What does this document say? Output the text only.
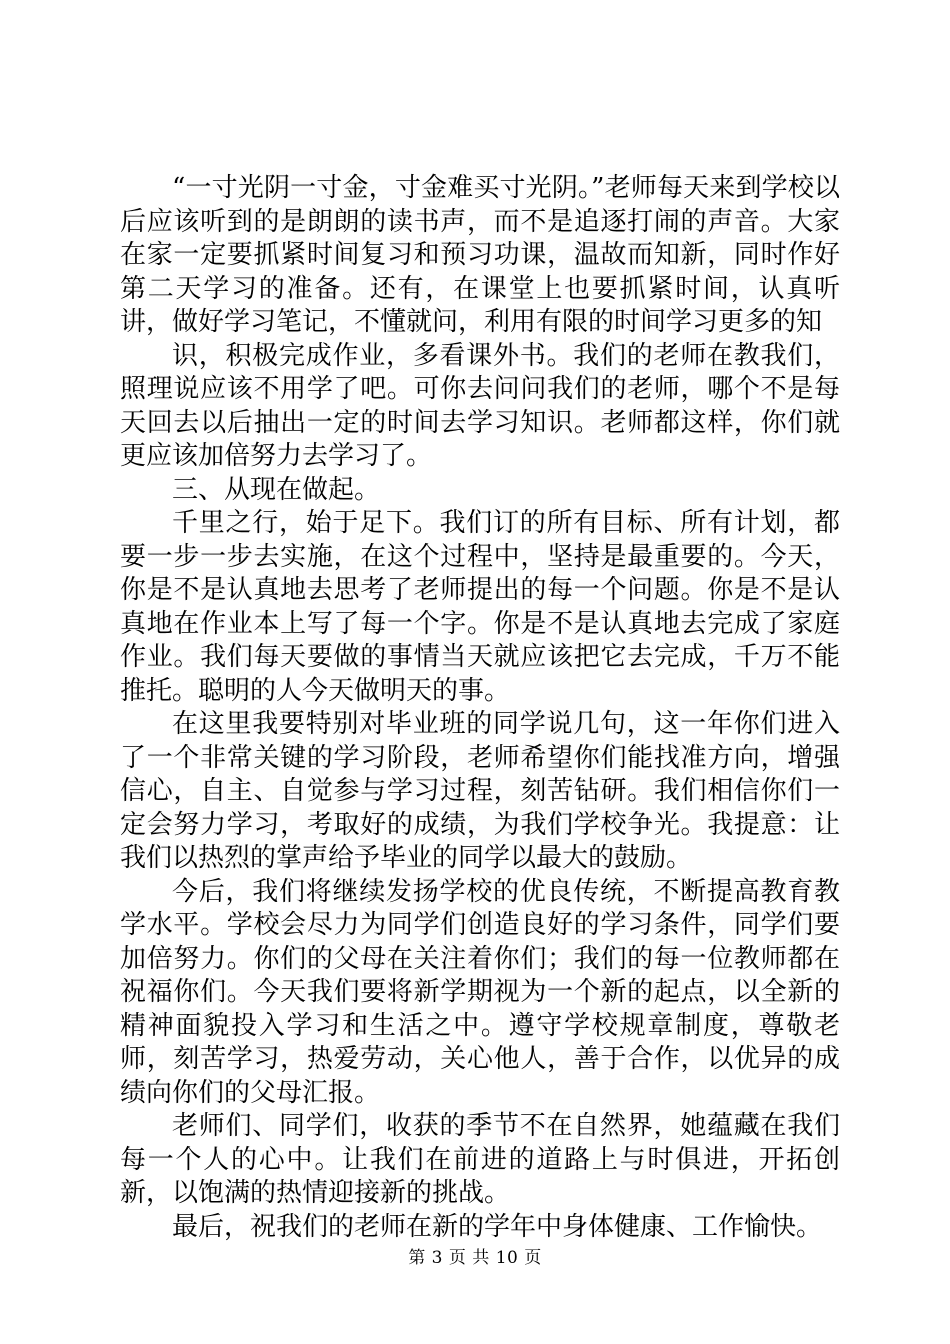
“一寸光阴一寸金，寸金难买寸光阴。”老师每天来到学校以后应该听到的是朗朗的读书声，而不是追逐打闹的声音。大家在家一定要抓紧时间复习和预习功课，温故而知新，同时作好第二天学习的准备。还有，在课堂上也要抓紧时间，认真听讲，做好学习笔记，不懂就问，利用有限的时间学习更多的知

识，积极完成作业，多看课外书。我们的老师在教我们，照理说应该不用学了吧。可你去问问我们的老师，哪个不是每天回去以后抽出一定的时间去学习知识。老师都这样，你们就更应该加倍努力去学习了。

三、从现在做起。

千里之行，始于足下。我们订的所有目标、所有计划，都要一步一步去实施，在这个过程中，坚持是最重要的。今天，你是不是认真地去思考了老师提出的每一个问题。你是不是认真地在作业本上写了每一个字。你是不是认真地去完成了家庭作业。我们每天要做的事情当天就应该把它去完成，千万不能推托。聪明的人今天做明天的事。

在这里我要特别对毕业班的同学说几句，这一年你们进入了一个非常关键的学习阶段，老师希望你们能找准方向，增强信心，自主、自觉参与学习过程，刻苦钻研。我们相信你们一定会努力学习，考取好的成绩，为我们学校争光。我提意：让我们以热烈的掌声给予毕业的同学以最大的鼓励。

今后，我们将继续发扬学校的优良传统，不断提高教育教学水平。学校会尽力为同学们创造良好的学习条件，同学们要加倍努力。你们的父母在关注着你们；我们的每一位教师都在祝福你们。今天我们要将新学期视为一个新的起点，以全新的精神面貌投入学习和生活之中。遵守学校规章制度，尊敬老师，刻苦学习，热爱劳动，关心他人，善于合作，以优异的成绩向你们的父母汇报。

老师们、同学们，收获的季节不在自然界，她蕴藏在我们每一个人的心中。让我们在前进的道路上与时俱进，开拓创新，以饱满的热情迎接新的挑战。

最后，祝我们的老师在新的学年中身体健康、工作愉快。

第 3 页 共 10 页
